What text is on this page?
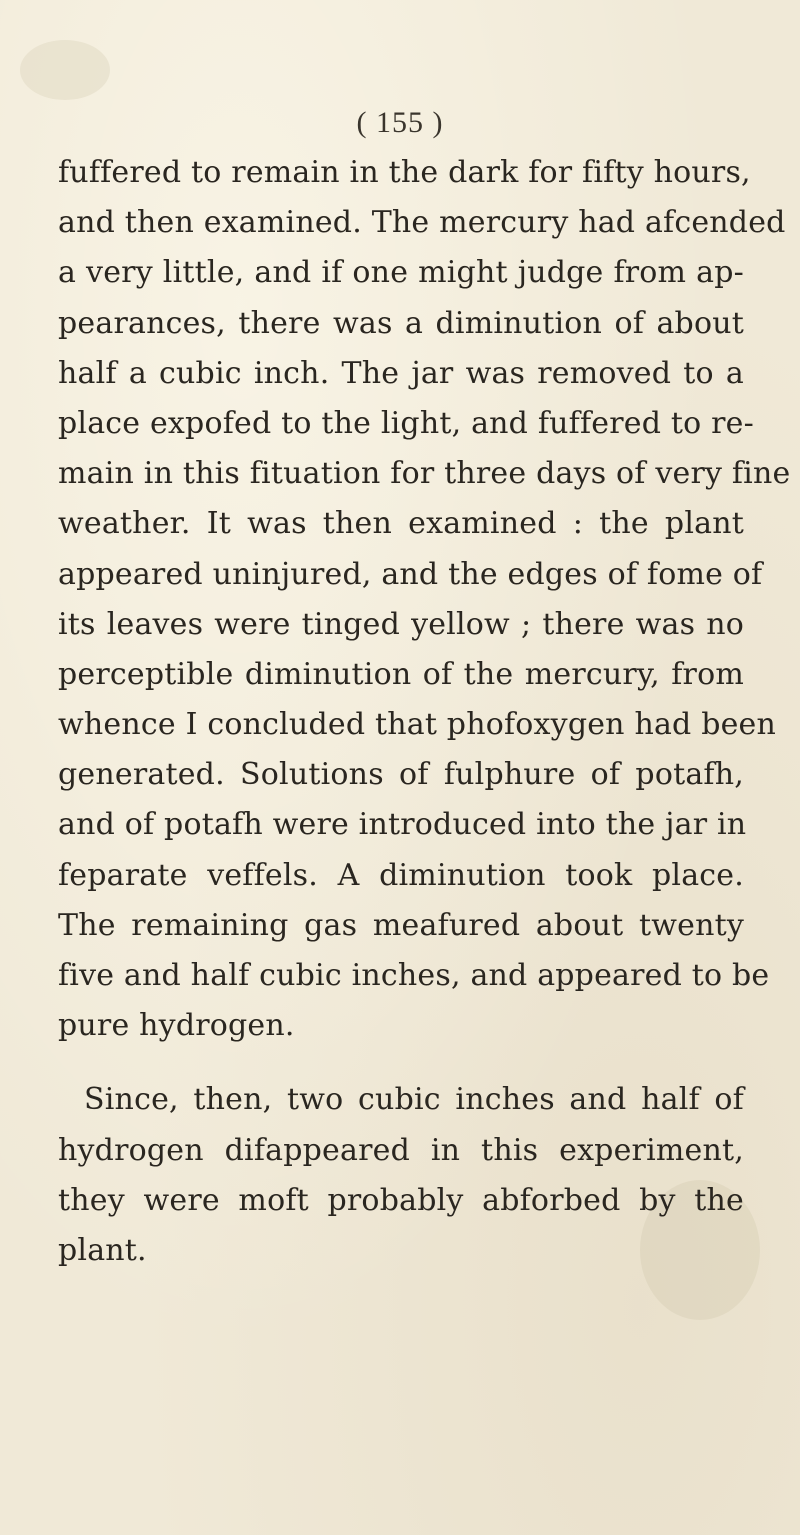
( 155 )
fuffered to remain in the dark for fifty hours,
and then examined. The mercury had afcended
a very little, and if one might judge from ap-
pearances, there was a diminution of about
half a cubic inch. The jar was removed to a
place expofed to the light, and fuffered to re-
main in this fituation for three days of very fine
weather. It was then examined : the plant
appeared uninjured, and the edges of fome of
its leaves were tinged yellow ; there was no
perceptible diminution of the mercury, from
whence I concluded that phofoxygen had been
generated. Solutions of fulphure of potafh,
and of potafh were introduced into the jar in
feparate veffels. A diminution took place.
The remaining gas meafured about twenty
five and half cubic inches, and appeared to be
pure hydrogen.
Since, then, two cubic inches and half of
hydrogen difappeared in this experiment,
they were moft probably abforbed by the
plant.
